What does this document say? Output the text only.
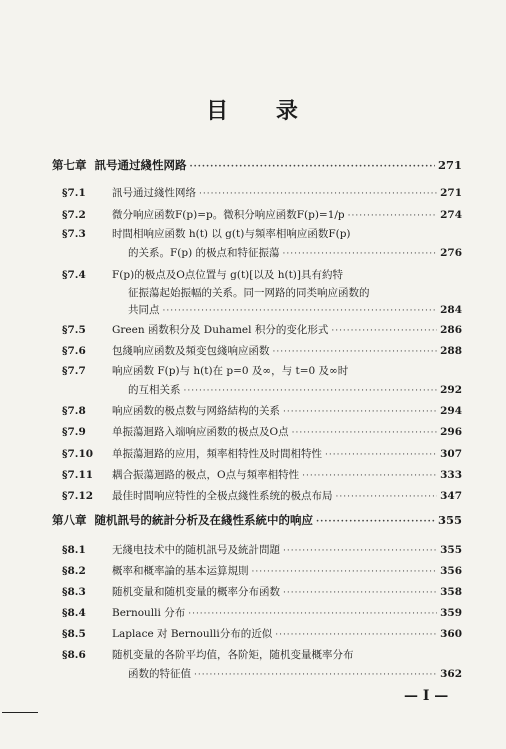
目 录
第七章 訊号通过綫性网路 ·····	271
§7.1	訊号通过綫性网络 ·····	271
§7.2	微分响应函数F(p)=p。微积分响应函数F(p)=1/p ·····	274
§7.3	时間相响应函数 h(t) 以 g(t)与頻率相响应函数F(p)
的关系。F(p) 的极点和特征振蕩 ·····	276
§7.4	F(p)的极点及O点位置与 g(t)[以及 h(t)]具有約特
征振蕩起始振幅的关系。同一网路的同类响应函数的
共同点 ·····	284
§7.5	Green 函数积分及 Duhamel 积分的变化形式 ·····	286
§7.6	包綫响应函数及頻变包綫响应函数 ·····	288
§7.7	响应函数 F(p)与 h(t)在 p=0 及∞，与 t=0 及∞时
的互相关系 ·····	292
§7.8	响应函数的极点数与网絡結构的关系 ·····	294
§7.9	单振蕩迴路入端响应函数的极点及O点 ·····	296
§7.10	单振蕩迴路的应用，頻率相特性及时間相特性 ·····	307
§7.11	耦合振蕩迴路的极点，O点与頻率相特性 ·····	333
§7.12	最佳时間响应特性的全极点綫性系统的极点布局 ·····	347
第八章 随机訊号的統計分析及在綫性系統中的响应 ·····	355
§8.1	无綫电技术中的随机訊号及統計問題 ·····	355
§8.2	概率和概率論的基本运算規則 ·····	356
§8.3	随机变量和随机变量的概率分布函数 ·····	358
§8.4	Bernoulli 分布 ·····	359
§8.5	Laplace 对 Bernoulli分布的近似 ·····	360
§8.6	随机变量的各阶平均值，各阶矩，随机变量概率分布
函数的特征值 ·····	362
— I —
